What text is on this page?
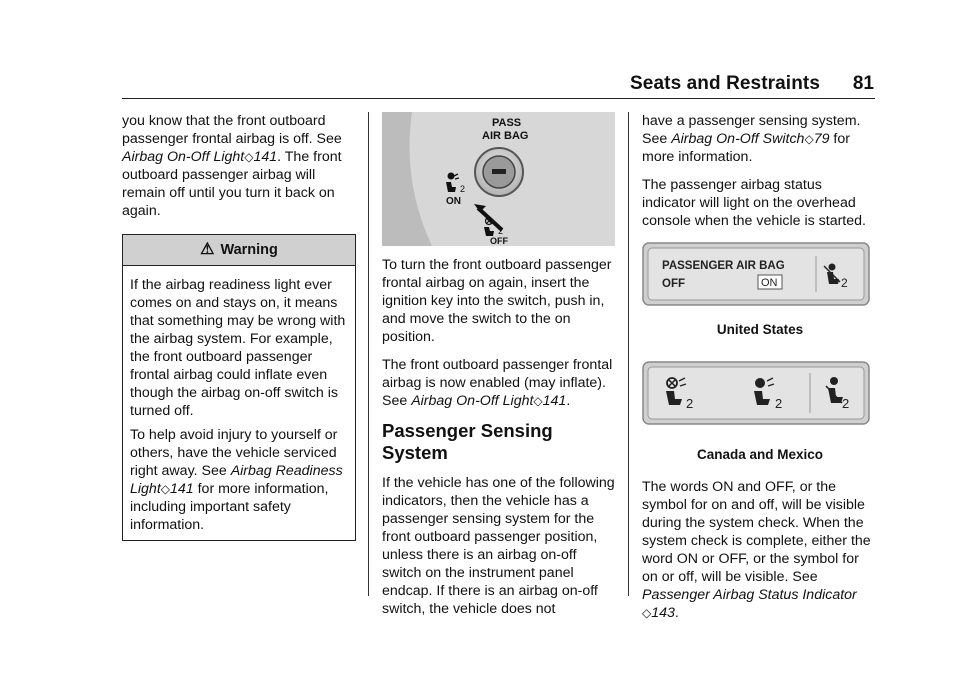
Seats and Restraints 81

you know that the front outboard passenger frontal airbag is off. See Airbag On-Off Light◇141. The front outboard passenger airbag will remain off until you turn it back on again.

⚠ Warning

If the airbag readiness light ever comes on and stays on, it means that something may be wrong with the airbag system. For example, the front outboard passenger frontal airbag could inflate even though the airbag on-off switch is turned off.

To help avoid injury to yourself or others, have the vehicle serviced right away. See Airbag Readiness Light◇141 for more information, including important safety information.

PASS
AIR BAG
2
ON
2
OFF

To turn the front outboard passenger frontal airbag on again, insert the ignition key into the switch, push in, and move the switch to the on position.

The front outboard passenger frontal airbag is now enabled (may inflate). See Airbag On-Off Light◇141.

Passenger Sensing System

If the vehicle has one of the following indicators, then the vehicle has a passenger sensing system for the front outboard passenger position, unless there is an airbag on-off switch on the instrument panel endcap. If there is an airbag on-off switch, the vehicle does not

have a passenger sensing system. See Airbag On-Off Switch◇79 for more information.

The passenger airbag status indicator will light on the overhead console when the vehicle is started.

PASSENGER AIR BAG
OFF	ON	2
United States
2	2	2
Canada and Mexico

The words ON and OFF, or the symbol for on and off, will be visible during the system check. When the system check is complete, either the word ON or OFF, or the symbol for on or off, will be visible. See Passenger Airbag Status Indicator
◇143.
